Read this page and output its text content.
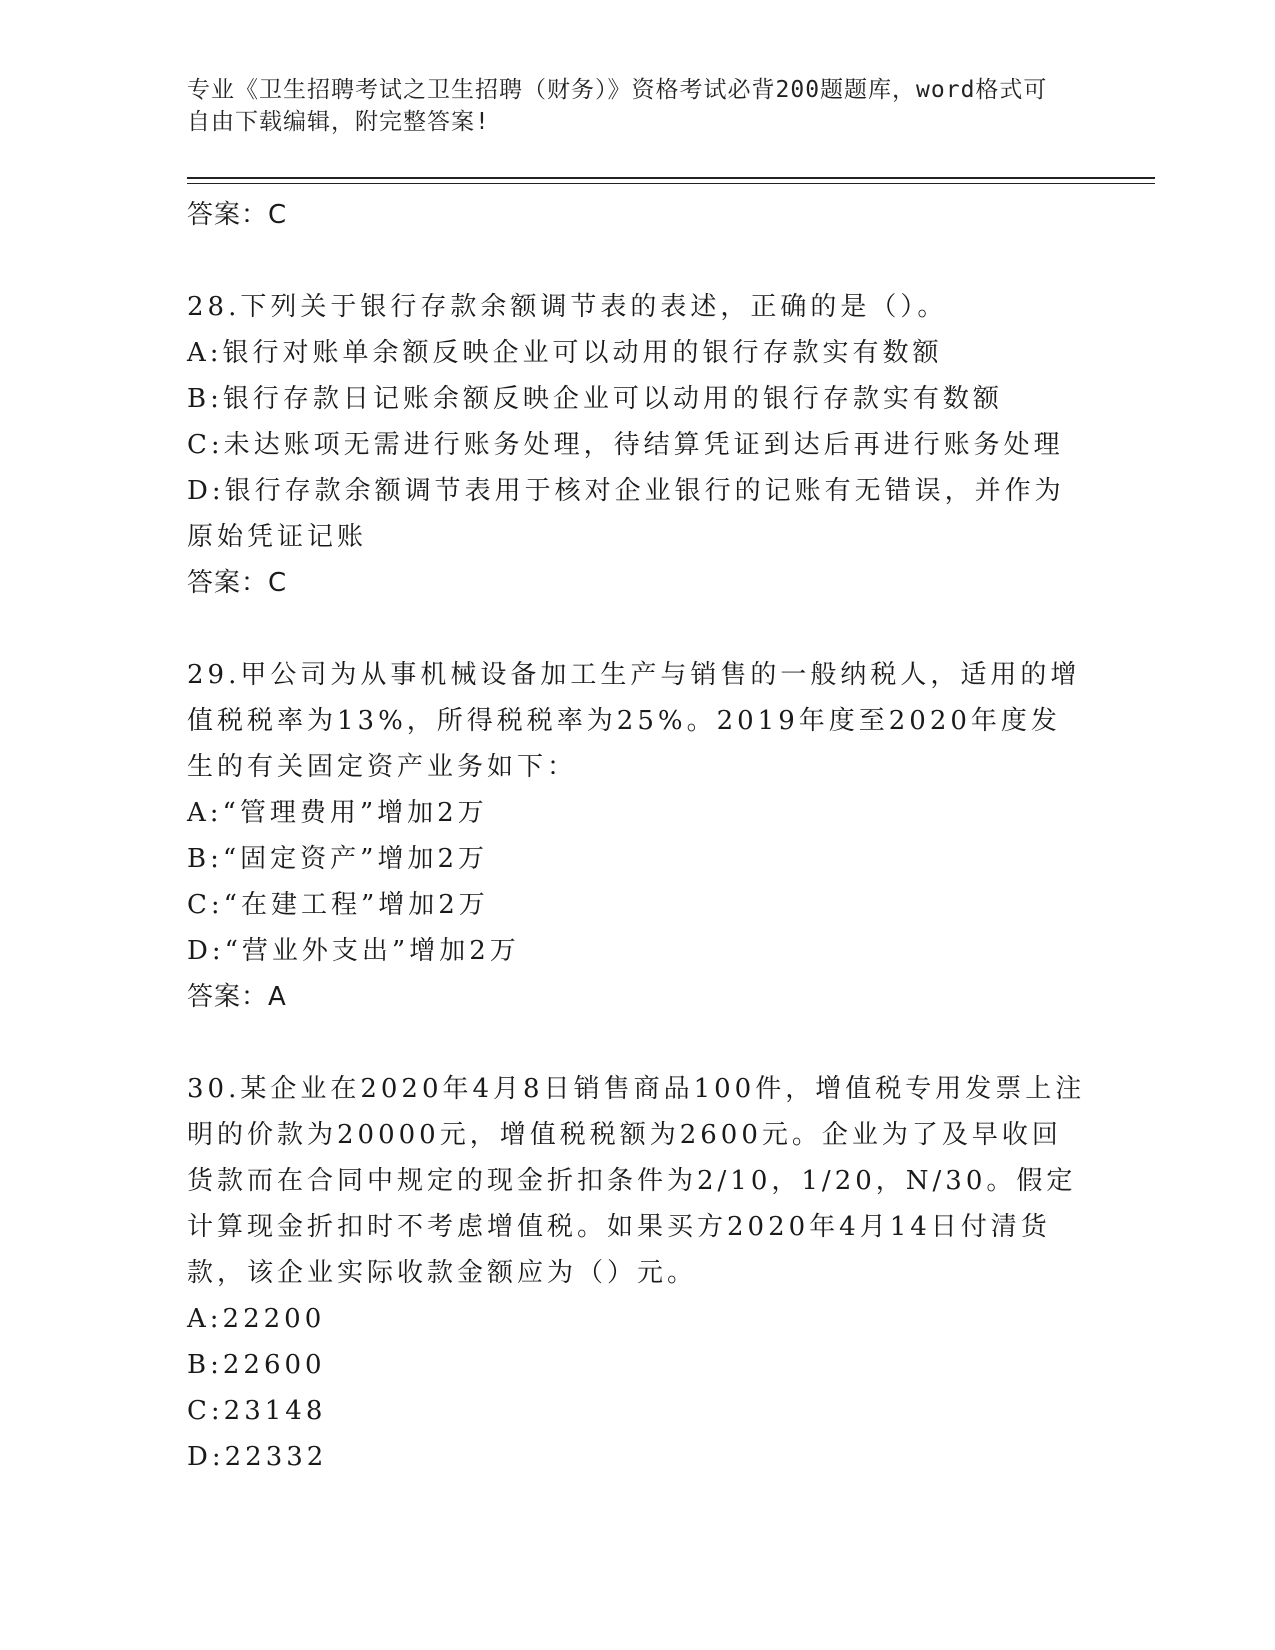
专业《卫生招聘考试之卫生招聘（财务）》资格考试必背200题题库，word格式可自由下载编辑，附完整答案!

答案：C

28.下列关于银行存款余额调节表的表述，正确的是（）。

A:银行对账单余额反映企业可以动用的银行存款实有数额
B:银行存款日记账余额反映企业可以动用的银行存款实有数额
C:未达账项无需进行账务处理，待结算凭证到达后再进行账务处理
D:银行存款余额调节表用于核对企业银行的记账有无错误，并作为原始凭证记账

答案：C

29.甲公司为从事机械设备加工生产与销售的一般纳税人，适用的增值税税率为13%，所得税税率为25%。2019年度至2020年度发生的有关固定资产业务如下：

A:“管理费用”增加2万
B:“固定资产”增加2万
C:“在建工程”增加2万
D:“营业外支出”增加2万

答案：A

30.某企业在2020年4月8日销售商品100件，增值税专用发票上注明的价款为20000元，增值税税额为2600元。企业为了及早收回货款而在合同中规定的现金折扣条件为2/10，1/20，N/30。假定计算现金折扣时不考虑增值税。如果买方2020年4月14日付清货款，该企业实际收款金额应为（）元。

A:22200
B:22600
C:23148
D:22332
